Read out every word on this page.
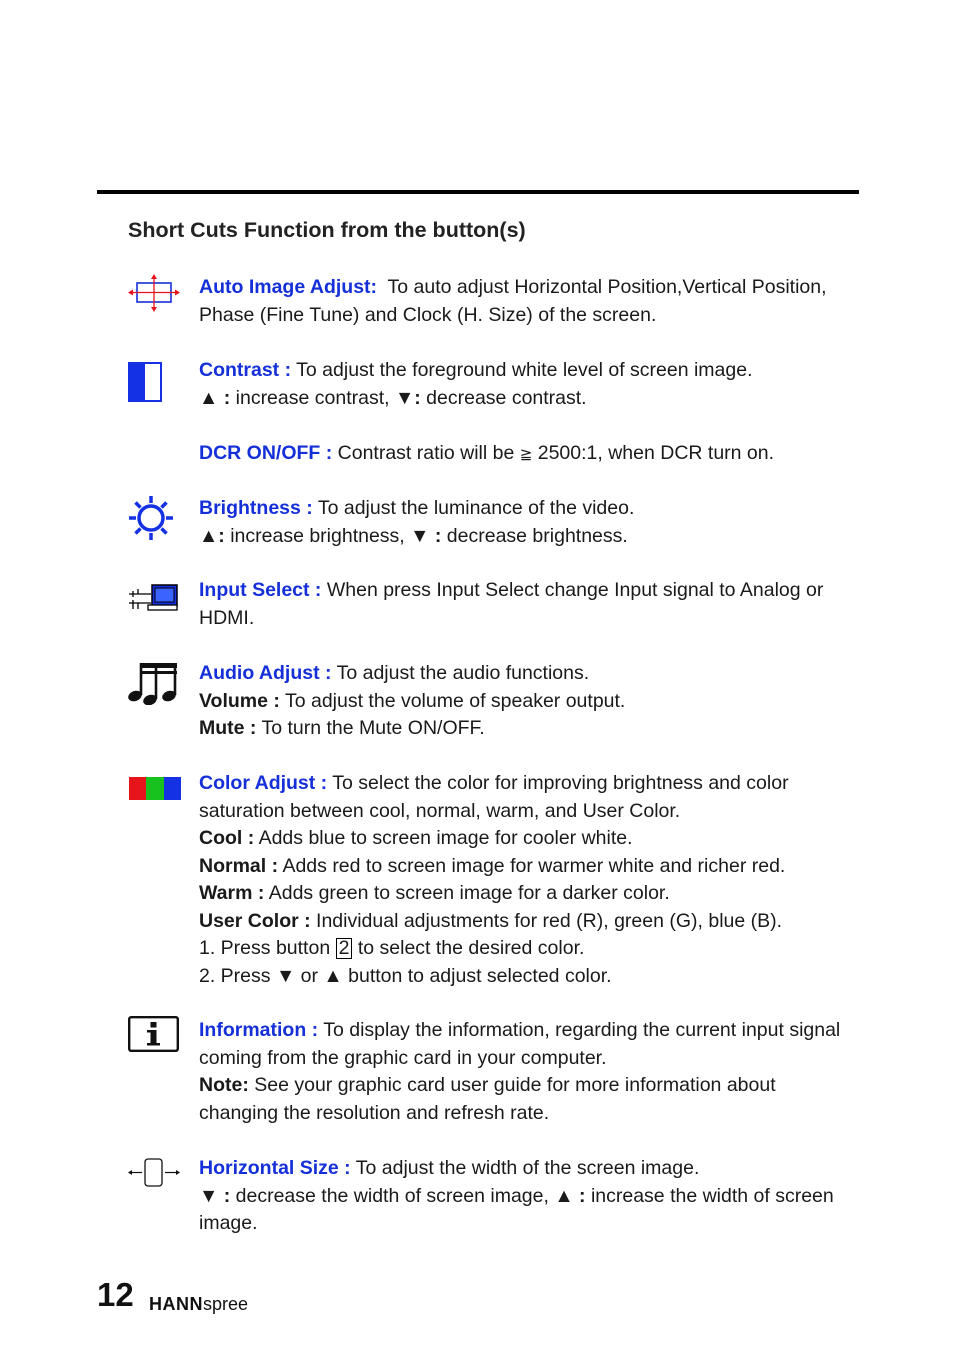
Short Cuts Function from the button(s)

Auto Image Adjust:  To auto adjust Horizontal Position,Vertical Position,

Phase (Fine Tune) and Clock (H. Size) of the screen.

Contrast : To adjust the foreground white level of screen image.

▲ : increase contrast, ▼: decrease contrast.

DCR ON/OFF : Contrast ratio will be ≧ 2500:1, when DCR turn on.

Brightness : To adjust the luminance of the video.

▲: increase brightness, ▼ : decrease brightness.

Input Select : When press Input Select change Input signal to Analog or

HDMI.

Audio Adjust : To adjust the audio functions.

Volume : To adjust the volume of speaker output.

Mute : To turn the Mute ON/OFF.

Color Adjust : To select the color for improving brightness and color

saturation between cool, normal, warm, and User Color.

Cool : Adds blue to screen image for cooler white.

Normal : Adds red to screen image for warmer white and richer red.

Warm : Adds green to screen image for a darker color.

User Color : Individual adjustments for red (R), green (G), blue (B).

1. Press button 2 to select the desired color.

2. Press ▼ or ▲ button to adjust selected color.

Information : To display the information, regarding the current input signal

coming from the graphic card in your computer.

Note: See your graphic card user guide for more information about

changing the resolution and refresh rate.

Horizontal Size : To adjust the width of the screen image.

▼ : decrease the width of screen image, ▲ : increase the width of screen

image.

12 HANNspree
